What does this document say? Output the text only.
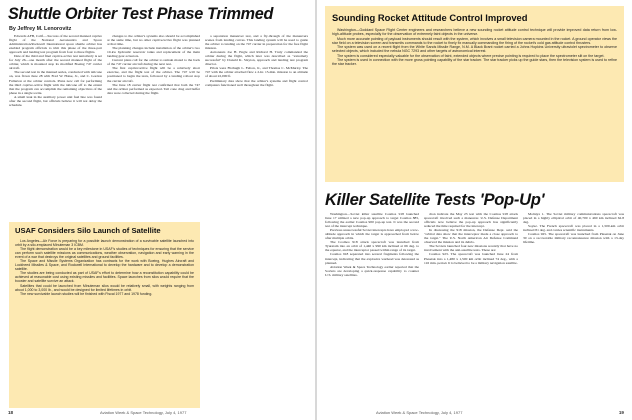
Shuttle Orbiter Test Phase Trimmed
By Jeffrey M. Lenorovitz

Edwards AFB, Calif.—Success of the second manned captive flight of the National Aeronautics and Space Administration/Rockwell International space shuttle orbiter has enabled program officials to trim this phase of the three-part approach and landing test program from four to three flights.

Date of the third and final captive-active test tentatively is set for July 26—one month after the second manned flight of the orbiter, which is mounted atop its modified Boeing 747 carrier aircraft.

The second test in the manned series, conducted with tailcone on, was flown June 28 with Fred W. Haise, Jr., and C. Gordon Fullerton at the orbiter controls. Plans now call for performing the third captive-active flight with the tailcone off to the extent that the program can accomplish the remaining objectives of the phase in a single sortie.

A small leak in the auxiliary power unit fuel line was found after the second flight, but officials believe it will not delay the schedule.

changes to the orbiter's systems also should be accomplished at the same time, but no other captive/active flight was planned at that time.

The planning changes include installation of the orbiter's two 10-kw hydraulic reservoir tanks and replacement of the main landing gear actuators.

Current plans call for the orbiter to remain mated to the back of the 747 carrier aircraft during the next test.

The first captive/active flight will be a relatively short exercise, and the flight test of the orbiter. The 747 will be positioned to begin the tests, followed by a landing rollout stop the carrier aircraft.

The June 18 carrier flight test confirmed that both the 747 and the orbiter performed as expected. Tail cone drag and buffet data were collected during the flight.

a separation maneuver test, and a fly-through of the maneuvers scenes from landing curves. This landing system will be used to guide the orbiter to landing on the 747 carrier in preparation for the free flight mission.

Astronauts Joe H. Engle and Richard H. Truly commanded the orbiter during the flight, which later was described as "extremely successful" by Donald K. Slayton, approach and landing test program director.

Pilots were Fitzhugh L. Fulton, Jr., and Thomas C. McMurtry. The 747 with the orbiter attached flew a 2-hr. 15-min. mission to an altitude of about 22,000 ft.

Preliminary data show that the orbiter's systems and flight control computers functioned well throughout the flight.

USAF Considers Silo Launch of Satellite

Los Angeles—Air Force is preparing for a possible launch demonstration of a survivable satellite launched into orbit by a silo-emplaced Minuteman 3 ICBM.

The flight demonstration would be a key milestone in USAF's studies of techniques for ensuring that the service can perform such satellite missions as communications, weather observation, navigation and early warning in the event of a war that destroys the original satellites and ground facilities.

The Space and Missile Systems Organization has contracts for the work with Boeing, Hughes Aircraft and Lockheed Missiles & Space, and Rockwell International to develop the hardware and to develop a demonstration satellite.

The studies are being conducted as part of USAF's effort to determine how a reconstitution capability could be achieved at reasonable cost using existing missiles and facilities. Space launches from silos would require that the booster and satellite survive an attack.

Satellites that could be launched from Minuteman silos would be relatively small, with weights ranging from about 1,000 to 3,000 lb., and would be designed for limited lifetimes in orbit.

The new survivable launch studies will be finished with Fiscal 1977 and 1978 funding.

18	Aviation Week & Space Technology, July 4, 1977
Sounding Rocket Attitude Control Improved

Washington—Goddard Space Flight Center engineers and researchers believe a new sounding rocket attitude control technique will provide improved data return from low-high-altitude probes, especially for the observation of extremely faint objects in the universe.

Much more accurate pointing of payload instruments should result with the system, which involves a small television camera mounted in the rocket. A ground operator views the star field on a television screen and transmits commands to the rocket to finely fix manually commanding the firing of the rocket's cold gas attitude control thrusters.

The system was used on a recent flight from the White Sands Missile Range, N.M. A Black Brant rocket carried a Johns Hopkins University ultraviolet spectrometer to observe selected objects, which included the nebula NGC 7293 and other targets of astronomical interest.

The system is considered especially valuable for the observation of faint, extended objects where precise pointing is required to place the spectrometer slit on the target.

The system is used in connection with the more gross pointing capability of the star tracker. The star tracker picks up the guide stars, then the television system is used to refine the star tracker.

Killer Satellite Tests 'Pop-Up'

Washington—Soviet killer satellite Cosmos 918 launched June 17 utilized a new pop-up approach to target Cosmos 885, following the earlier Cosmos 900 pop-up test. It was the second test of the intercept technique.

Previous unsuccessful Soviet intercepts have employed a low-altitude approach in which the target is approached from below after multiple orbits.

The Cosmos 918 attack spacecraft was launched from Tyuratam into an orbit of 1,440 x 990 km inclined at 66 deg. to the equator, and the interceptor passed within range of its target.

Cosmos 918 separated into several fragments following the intercept, indicating that the explosive warhead was detonated as planned.

Aviation Week & Space Technology earlier reported that the Soviets are developing a quick-response capability to counter U.S. military satellites.

dron indicate the May 23 test with the Cosmos 918 attack spacecraft involved such a maneuver. U.S. Defense Department officials now believe the pop-up approach has significantly reduced the time required for the intercept.

In discussing the 918 mission, the Defense Dept. said the "orbital data show that the interceptor made a close approach to the target." The U.S. North American Air Defense Command observed the mission and its debris.

The Soviets launched four new missions recently that have no involvement with the anti-satellite tests. These are:

Cosmos 923. The spacecraft was launched June 24 from Plesetsk into a 1,480 x 1,500 km orbit inclined 74 deg., with a 116 min. period. It is believed to be a military navigation satellite.

Molniya 1. The Soviet military communications spacecraft was placed in a highly elliptical orbit of 40,700 x 460 km inclined 62.8 deg.

Soyuz. The French spacecraft was placed in a 1,500-km orbit inclined 81 deg. and carries scientific instruments.

Cosmos 925. The spacecraft was launched from Plesetsk on June 30 on a recoverable military reconnaissance mission with a 13-day lifetime.

Aviation Week & Space Technology, July 4, 1977	19
